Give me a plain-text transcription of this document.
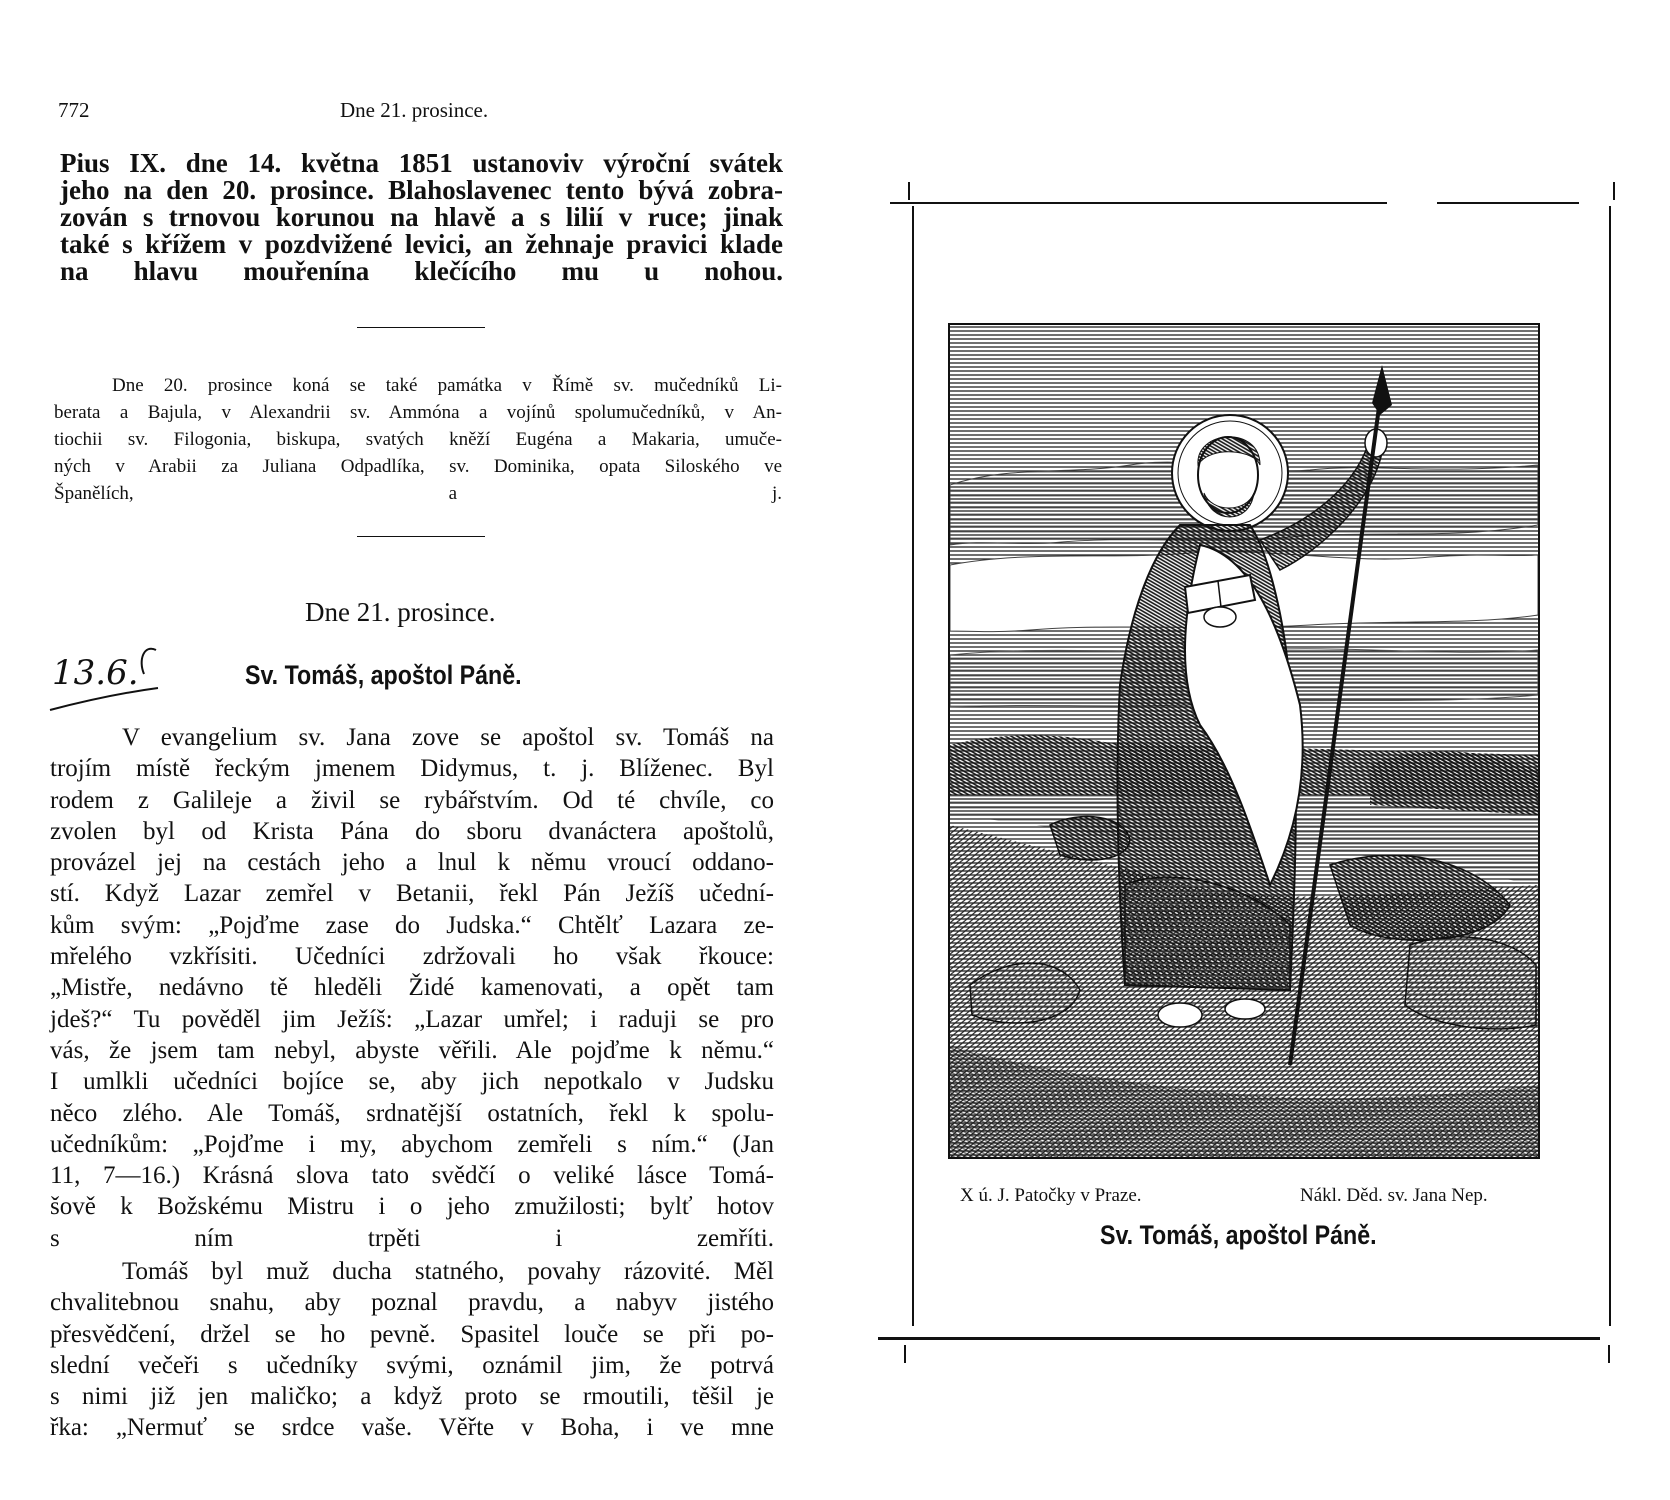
772	Dne 21. prosince.
Pius IX. dne 14. května 1851 ustanoviv výroční svátek
jeho na den 20. prosince. Blahoslavenec tento bývá zobra-
zován s trnovou korunou na hlavě a s lilií v ruce; jinak
také s křížem v pozdvižené levici, an žehnaje pravici klade
na hlavu mouřenína klečícího mu u nohou.
Dne 20. prosince koná se také památka v Římě sv. mučedníků Li-
berata a Bajula, v Alexandrii sv. Ammóna a vojínů spolumučedníků, v An-
tiochii sv. Filogonia, biskupa, svatých kněží Eugéna a Makaria, umuče-
ných v Arabii za Juliana Odpadlíka, sv. Dominika, opata Siloského ve
Španělích, a j.
Dne 21. prosince.
13.6.	Sv. Tomáš, apoštol Páně.
V evangelium sv. Jana zove se apoštol sv. Tomáš na
trojím místě řeckým jmenem Didymus, t. j. Blíženec. Byl
rodem z Galileje a živil se rybářstvím. Od té chvíle, co
zvolen byl od Krista Pána do sboru dvanáctera apoštolů,
provázel jej na cestách jeho a lnul k němu vroucí oddano-
stí. Když Lazar zemřel v Betanii, řekl Pán Ježíš učední-
kům svým: „Pojďme zase do Judska.“ Chtělť Lazara ze-
mřelého vzkřísiti. Učedníci zdržovali ho však řkouce:
„Mistře, nedávno tě hleděli Židé kamenovati, a opět tam
jdeš?“ Tu pověděl jim Ježíš: „Lazar umřel; i raduji se pro
vás, že jsem tam nebyl, abyste věřili. Ale pojďme k němu.“
I umlkli učedníci bojíce se, aby jich nepotkalo v Judsku
něco zlého. Ale Tomáš, srdnatější ostatních, řekl k spolu-
učedníkům: „Pojďme i my, abychom zemřeli s ním.“ (Jan
11, 7—16.) Krásná slova tato svědčí o veliké lásce Tomá-
šově k Božskému Mistru i o jeho zmužilosti; bylť hotov
s ním trpěti i zemříti.
Tomáš byl muž ducha statného, povahy rázovité. Měl
chvalitebnou snahu, aby poznal pravdu, a nabyv jistého
přesvědčení, držel se ho pevně. Spasitel louče se při po-
slední večeři s učedníky svými, oznámil jim, že potrvá
s nimi již jen maličko; a když proto se rmoutili, těšil je
řka: „Nermuť se srdce vaše. Věřte v Boha, i ve mne
X ú. J. Patočky v Praze.	Nákl. Děd. sv. Jana Nep.
Sv. Tomáš, apoštol Páně.
